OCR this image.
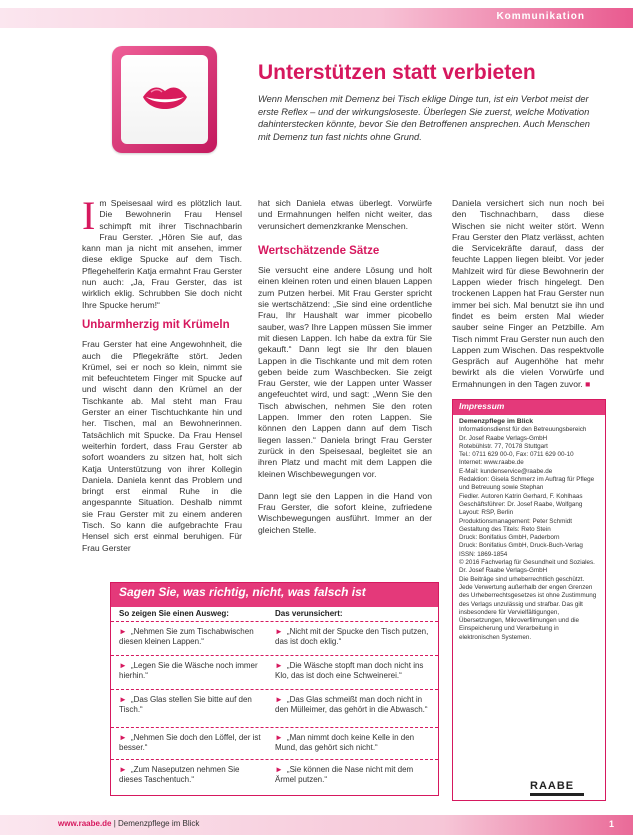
Kommunikation
Unterstützen statt verbieten
Wenn Menschen mit Demenz bei Tisch eklige Dinge tun, ist ein Verbot meist der erste Reflex – und der wirkungsloseste. Überlegen Sie zuerst, welche Motivation dahinterstecken könnte, bevor Sie den Betroffenen ansprechen. Auch Menschen mit Demenz tun fast nichts ohne Grund.

Im Speisesaal wird es plötzlich laut. Die Bewohnerin Frau Hensel schimpft mit ihrer Tischnachbarin Frau Gerster. „Hören Sie auf, das kann man ja nicht mit ansehen, immer diese eklige Spucke auf dem Tisch. Pflegehelferin Katja ermahnt Frau Gerster nun auch: „Ja, Frau Gerster, das ist wirklich eklig. Schrubben Sie doch nicht Ihre Spucke herum!“

Unbarmherzig mit Krümeln

Frau Gerster hat eine Angewohnheit, die auch die Pflegekräfte stört. Jeden Krümel, sei er noch so klein, nimmt sie mit befeuchtetem Finger mit Spucke auf und wischt dann den Krümel an der Tischkante ab. Mal steht man Frau Gerster an einer Tischtuchkante hin und her. Tischen, mal an Bewohnerinnen. Tatsächlich mit Spucke. Da Frau Hensel weiterhin fordert, dass Frau Gerster ab sofort woanders zu sitzen hat, holt sich Katja Unterstützung von ihrer Kollegin Daniela. Daniela kennt das Problem und bringt erst einmal Ruhe in die angespannte Situation. Deshalb nimmt sie Frau Gerster mit zu einem anderen Tisch. So kann die aufgebrachte Frau Hensel sich erst einmal beruhigen. Für Frau Gerster

hat sich Daniela etwas überlegt. Vorwürfe und Ermahnungen helfen nicht weiter, das verunsichert demenzkranke Menschen.

Wertschätzende Sätze

Sie versucht eine andere Lösung und holt einen kleinen roten und einen blauen Lappen zum Putzen herbei. Mit Frau Gerster spricht sie wertschätzend: „Sie sind eine ordentliche Frau, Ihr Haushalt war immer picobello sauber, was? Ihre Lappen müssen Sie immer mit diesen Lappen. Ich habe da extra für Sie gekauft.“ Dann legt sie Ihr den blauen Lappen in die Tischkante und mit dem roten geben beide zum Waschbecken. Sie zeigt Frau Gerster, wie der Lappen unter Wasser angefeuchtet wird, und sagt: „Wenn Sie den Tisch abwischen, nehmen Sie den roten Lappen. Immer den roten Lappen. Sie können den Lappen dann auf dem Tisch liegen lassen.“ Daniela bringt Frau Gerster zurück in den Speisesaal, begleitet sie an ihren Platz und macht mit dem Lappen die kleinen Wischbewegungen vor.

Dann legt sie den Lappen in die Hand von Frau Gerster, die sofort kleine, zufriedene Wischbewegungen ausführt. Immer an der gleichen Stelle.

Daniela versichert sich nun noch bei den Tischnachbarn, dass diese Wischen sie nicht weiter stört. Wenn Frau Gerster den Platz verlässt, achten die Servicekräfte darauf, dass der feuchte Lappen liegen bleibt. Vor jeder Mahlzeit wird für diese Bewohnerin der Lappen wieder frisch hingelegt. Den trockenen Lappen hat Frau Gerster nun immer bei sich. Mal benutzt sie ihn und findet es beim ersten Mal wieder sauber seine Finger an Petzbille. Am Tisch nimmt Frau Gerster nun auch den Lappen zum Wischen. Das respektvolle Gespräch auf Augenhöhe hat mehr bewirkt als die vielen Vorwürfe und Ermahnungen in den Tagen zuvor. ■

Impressum
Demenzpflege im Blick
Informationsdienst für den Betreuungsbereich
Dr. Josef Raabe Verlags-GmbH
Rotebühlstr. 77, 70178 Stuttgart
Tel.: 0711 629 00-0, Fax: 0711 629 00-10
Internet: www.raabe.de
E-Mail: kundenservice@raabe.de
Redaktion: Gisela Schmerz im Auftrag für Pflege und Betreuung sowie Stephan
Fiedler. Autoren Katrin Gerhard, F. Kohlhaas
Geschäftsführer: Dr. Josef Raabe, Wolfgang
Layout: RSP, Berlin
Produktionsmanagement: Peter Schmidt
Gestaltung des Titels: Reto Stein
Druck: Bonifatius GmbH, Paderborn
Druck: Bonifatius GmbH, Druck-Buch-Verlag
ISSN: 1869-1854
© 2016 Fachverlag für Gesundheit und Soziales. Dr. Josef Raabe Verlags-GmbH
Die Beiträge sind urheberrechtlich geschützt. Jede Verwertung außerhalb der engen Grenzen des Urheberrechtsgesetzes ist ohne Zustimmung des Verlags unzulässig und strafbar. Das gilt insbesondere für Vervielfältigungen, Übersetzungen, Mikroverfilmungen und die Einspeicherung und Verarbeitung in elektronischen Systemen.
RAABE
Sagen Sie, was richtig, nicht, was falsch ist
So zeigen Sie einen Ausweg:	Das verunsichert:
► „Nehmen Sie zum Tischabwischen diesen kleinen Lappen.“
► „Nicht mit der Spucke den Tisch putzen, das ist doch eklig.“
► „Legen Sie die Wäsche noch immer hierhin.“
► „Die Wäsche stopft man doch nicht ins Klo, das ist doch eine Schweinerei.“
► „Das Glas stellen Sie bitte auf den Tisch.“
► „Das Glas schmeißt man doch nicht in den Mülleimer, das gehört in die Abwasch.“
► „Nehmen Sie doch den Löffel, der ist besser.“
► „Man nimmt doch keine Kelle in den Mund, das gehört sich nicht.“
► „Zum Naseputzen nehmen Sie dieses Taschentuch.“
► „Sie können die Nase nicht mit dem Ärmel putzen.“
www.raabe.de | Demenzpflege im Blick	1
